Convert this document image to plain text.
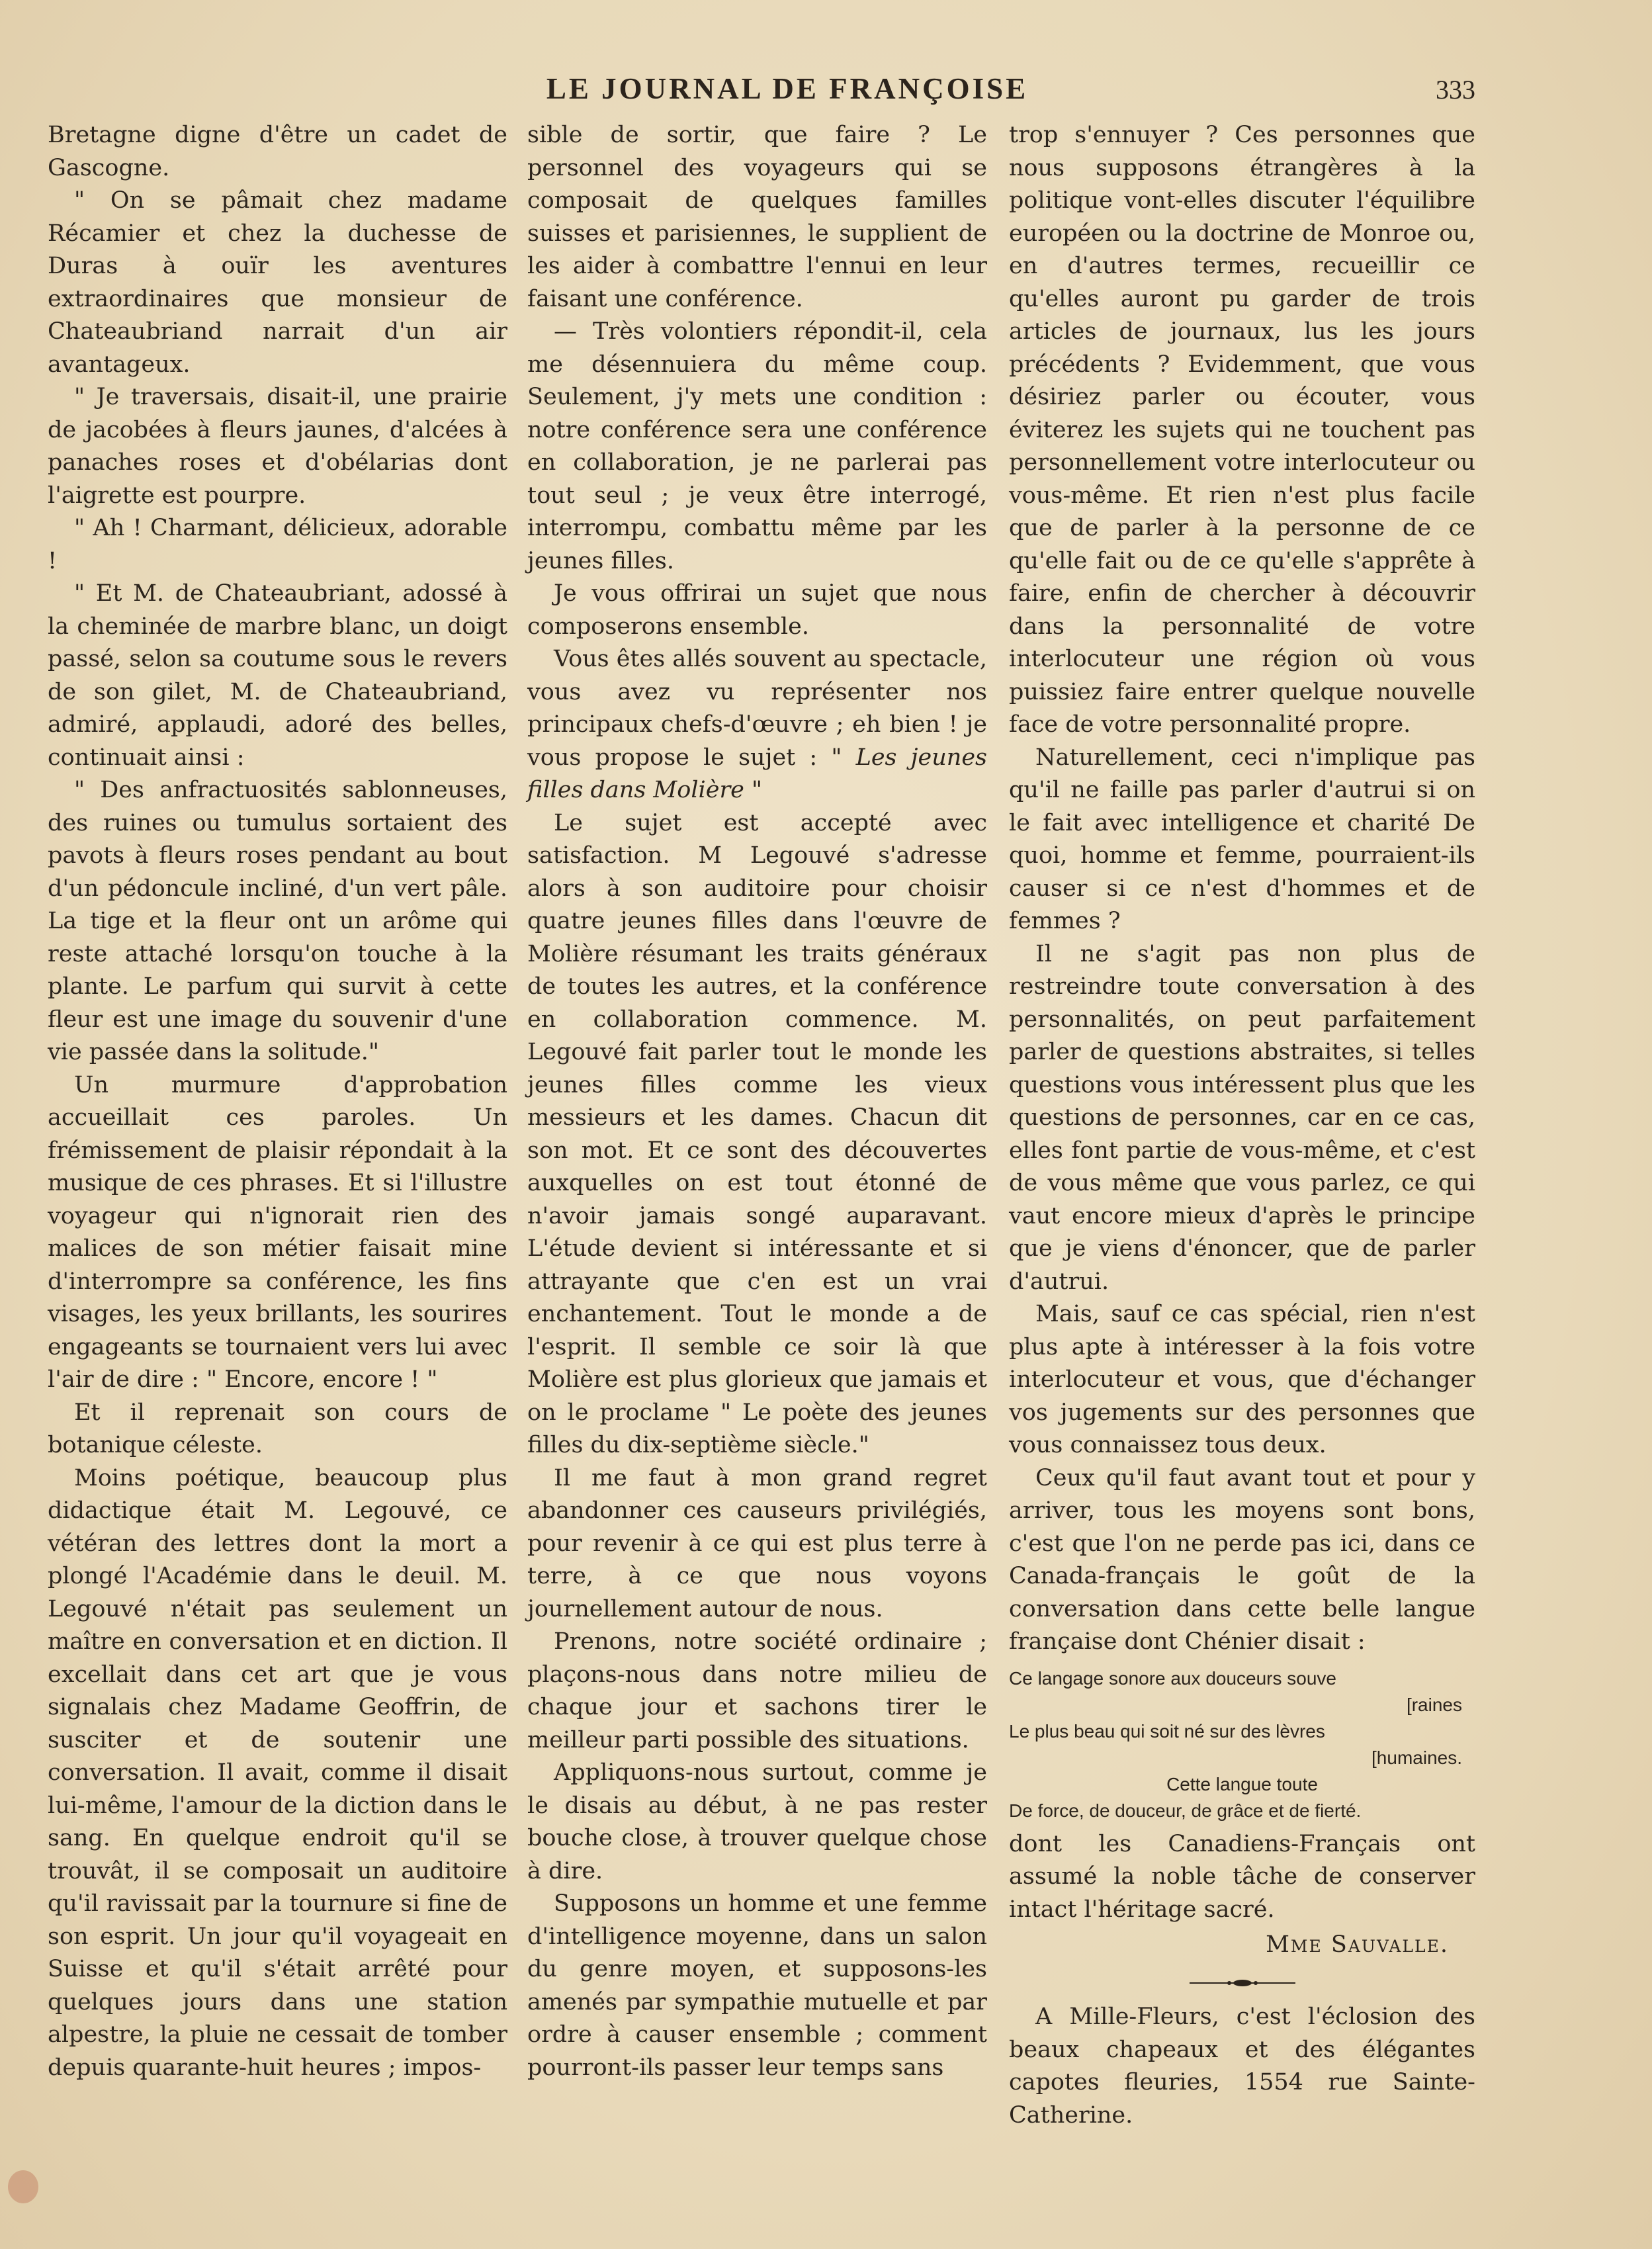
LE JOURNAL DE FRANÇOISE	333

Bretagne digne d'être un cadet de Gascogne.

" On se pâmait chez madame Récamier et chez la duchesse de Duras à ouïr les aventures extraordinaires que monsieur de Chateaubriand narrait d'un air avantageux.

" Je traversais, disait-il, une prairie de jacobées à fleurs jaunes, d'alcées à panaches roses et d'obélarias dont l'aigrette est pourpre.

" Ah ! Charmant, délicieux, adorable !

" Et M. de Chateaubriant, adossé à la cheminée de marbre blanc, un doigt passé, selon sa coutume sous le revers de son gilet, M. de Chateaubriand, admiré, applaudi, adoré des belles, continuait ainsi :

" Des anfractuosités sablonneuses, des ruines ou tumulus sortaient des pavots à fleurs roses pendant au bout d'un pédoncule incliné, d'un vert pâle. La tige et la fleur ont un arôme qui reste attaché lorsqu'on touche à la plante. Le parfum qui survit à cette fleur est une image du souvenir d'une vie passée dans la solitude."

Un murmure d'approbation accueillait ces paroles. Un frémissement de plaisir répondait à la musique de ces phrases. Et si l'illustre voyageur qui n'ignorait rien des malices de son métier faisait mine d'interrompre sa conférence, les fins visages, les yeux brillants, les sourires engageants se tournaient vers lui avec l'air de dire : " Encore, encore ! "

Et il reprenait son cours de botanique céleste.

Moins poétique, beaucoup plus didactique était M. Legouvé, ce vétéran des lettres dont la mort a plongé l'Académie dans le deuil. M. Legouvé n'était pas seulement un maître en conversation et en diction. Il excellait dans cet art que je vous signalais chez Madame Geoffrin, de susciter et de soutenir une conversation. Il avait, comme il disait lui-même, l'amour de la diction dans le sang. En quelque endroit qu'il se trouvât, il se composait un auditoire qu'il ravissait par la tournure si fine de son esprit. Un jour qu'il voyageait en Suisse et qu'il s'était arrêté pour quelques jours dans une station alpestre, la pluie ne cessait de tomber depuis quarante-huit heures ; impos-

sible de sortir, que faire ? Le personnel des voyageurs qui se composait de quelques familles suisses et parisiennes, le supplient de les aider à combattre l'ennui en leur faisant une conférence.

— Très volontiers répondit-il, cela me désennuiera du même coup. Seulement, j'y mets une condition : notre conférence sera une conférence en collaboration, je ne parlerai pas tout seul ; je veux être interrogé, interrompu, combattu même par les jeunes filles.

Je vous offrirai un sujet que nous composerons ensemble.

Vous êtes allés souvent au spectacle, vous avez vu représenter nos principaux chefs-d'œuvre ; eh bien ! je vous propose le sujet : " Les jeunes filles dans Molière "

Le sujet est accepté avec satisfaction. M Legouvé s'adresse alors à son auditoire pour choisir quatre jeunes filles dans l'œuvre de Molière résumant les traits généraux de toutes les autres, et la conférence en collaboration commence. M. Legouvé fait parler tout le monde les jeunes filles comme les vieux messieurs et les dames. Chacun dit son mot. Et ce sont des découvertes auxquelles on est tout étonné de n'avoir jamais songé auparavant. L'étude devient si intéressante et si attrayante que c'en est un vrai enchantement. Tout le monde a de l'esprit. Il semble ce soir là que Molière est plus glorieux que jamais et on le proclame " Le poète des jeunes filles du dix-septième siècle."

Il me faut à mon grand regret abandonner ces causeurs privilégiés, pour revenir à ce qui est plus terre à terre, à ce que nous voyons journellement autour de nous.

Prenons, notre société ordinaire ; plaçons-nous dans notre milieu de chaque jour et sachons tirer le meilleur parti possible des situations.

Appliquons-nous surtout, comme je le disais au début, à ne pas rester bouche close, à trouver quelque chose à dire.

Supposons un homme et une femme d'intelligence moyenne, dans un salon du genre moyen, et supposons-les amenés par sympathie mutuelle et par ordre à causer ensemble ; comment pourront-ils passer leur temps sans

trop s'ennuyer ? Ces personnes que nous supposons étrangères à la politique vont-elles discuter l'équilibre européen ou la doctrine de Monroe ou, en d'autres termes, recueillir ce qu'elles auront pu garder de trois articles de journaux, lus les jours précédents ? Evidemment, que vous désiriez parler ou écouter, vous éviterez les sujets qui ne touchent pas personnellement votre interlocuteur ou vous-même. Et rien n'est plus facile que de parler à la personne de ce qu'elle fait ou de ce qu'elle s'apprête à faire, enfin de chercher à découvrir dans la personnalité de votre interlocuteur une région où vous puissiez faire entrer quelque nouvelle face de votre personnalité propre.

Naturellement, ceci n'implique pas qu'il ne faille pas parler d'autrui si on le fait avec intelligence et charité De quoi, homme et femme, pourraient-ils causer si ce n'est d'hommes et de femmes ?

Il ne s'agit pas non plus de restreindre toute conversation à des personnalités, on peut parfaitement parler de questions abstraites, si telles questions vous intéressent plus que les questions de personnes, car en ce cas, elles font partie de vous-même, et c'est de vous même que vous parlez, ce qui vaut encore mieux d'après le principe que je viens d'énoncer, que de parler d'autrui.

Mais, sauf ce cas spécial, rien n'est plus apte à intéresser à la fois votre interlocuteur et vous, que d'échanger vos jugements sur des personnes que vous connaissez tous deux.

Ceux qu'il faut avant tout et pour y arriver, tous les moyens sont bons, c'est que l'on ne perde pas ici, dans ce Canada-français le goût de la conversation dans cette belle langue française dont Chénier disait :

Ce langage sonore aux douceurs souve
[raines
Le plus beau qui soit né sur des lèvres
[humaines.
Cette langue toute
De force, de douceur, de grâce et de fierté.

dont les Canadiens-Français ont assumé la noble tâche de conserver intact l'héritage sacré.

Mme Sauvalle.

A Mille-Fleurs, c'est l'éclosion des beaux chapeaux et des élégantes capotes fleuries, 1554 rue Sainte-Catherine.
